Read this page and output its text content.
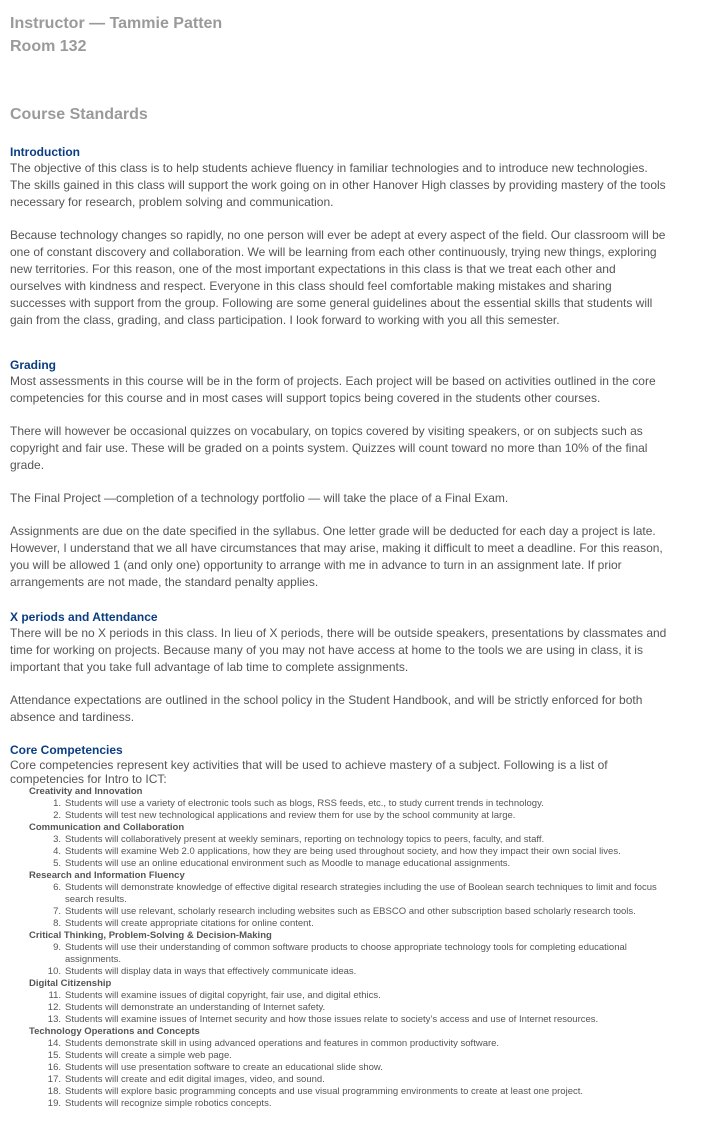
Instructor — Tammie Patten
Room 132
Course Standards
Introduction

The objective of this class is to help students achieve fluency in familiar technologies and to introduce new technologies. The skills gained in this class will support the work going on in other Hanover High classes by providing mastery of the tools necessary for research, problem solving and communication.

Because technology changes so rapidly, no one person will ever be adept at every aspect of the field. Our classroom will be one of constant discovery and collaboration. We will be learning from each other continuously, trying new things, exploring new territories. For this reason, one of the most important expectations in this class is that we treat each other and ourselves with kindness and respect. Everyone in this class should feel comfortable making mistakes and sharing successes with support from the group. Following are some general guidelines about the essential skills that students will gain from the class, grading, and class participation. I look forward to working with you all this semester.

Grading

Most assessments in this course will be in the form of projects. Each project will be based on activities outlined in the core competencies for this course and in most cases will support topics being covered in the students other courses.

There will however be occasional quizzes on vocabulary, on topics covered by visiting speakers, or on subjects such as copyright and fair use. These will be graded on a points system. Quizzes will count toward no more than 10% of the final grade.

The Final Project —completion of a technology portfolio — will take the place of a Final Exam.

Assignments are due on the date specified in the syllabus. One letter grade will be deducted for each day a project is late. However, I understand that we all have circumstances that may arise, making it difficult to meet a deadline. For this reason, you will be allowed 1 (and only one) opportunity to arrange with me in advance to turn in an assignment late. If prior arrangements are not made, the standard penalty applies.

X periods and Attendance

There will be no X periods in this class. In lieu of X periods, there will be outside speakers, presentations by classmates and time for working on projects. Because many of you may not have access at home to the tools we are using in class, it is important that you take full advantage of lab time to complete assignments.

Attendance expectations are outlined in the school policy in the Student Handbook, and will be strictly enforced for both absence and tardiness.

Core Competencies

Core competencies represent key activities that will be used to achieve mastery of a subject. Following is a list of competencies for Intro to ICT:

Creativity and Innovation
1. Students will use a variety of electronic tools such as blogs, RSS feeds, etc., to study current trends in technology.
2. Students will test new technological applications and review them for use by the school community at large.
Communication and Collaboration
3. Students will collaboratively present at weekly seminars, reporting on technology topics to peers, faculty, and staff.
4. Students will examine Web 2.0 applications, how they are being used throughout society, and how they impact their own social lives.
5. Students will use an online educational environment such as Moodle to manage educational assignments.
Research and Information Fluency
6. Students will demonstrate knowledge of effective digital research strategies including the use of Boolean search techniques to limit and focus search results.
7. Students will use relevant, scholarly research including websites such as EBSCO and other subscription based scholarly research tools.
8. Students will create appropriate citations for online content.
Critical Thinking, Problem-Solving & Decision-Making
9. Students will use their understanding of common software products to choose appropriate technology tools for completing educational assignments.
10. Students will display data in ways that effectively communicate ideas.
Digital Citizenship
11. Students will examine issues of digital copyright, fair use, and digital ethics.
12. Students will demonstrate an understanding of Internet safety.
13. Students will examine issues of Internet security and how those issues relate to society’s access and use of Internet resources.
Technology Operations and Concepts
14. Students demonstrate skill in using advanced operations and features in common productivity software.
15. Students will create a simple web page.
16. Students will use presentation software to create an educational slide show.
17. Students will create and edit digital images, video, and sound.
18. Students will explore basic programming concepts and use visual programming environments to create at least one project.
19. Students will recognize simple robotics concepts.
